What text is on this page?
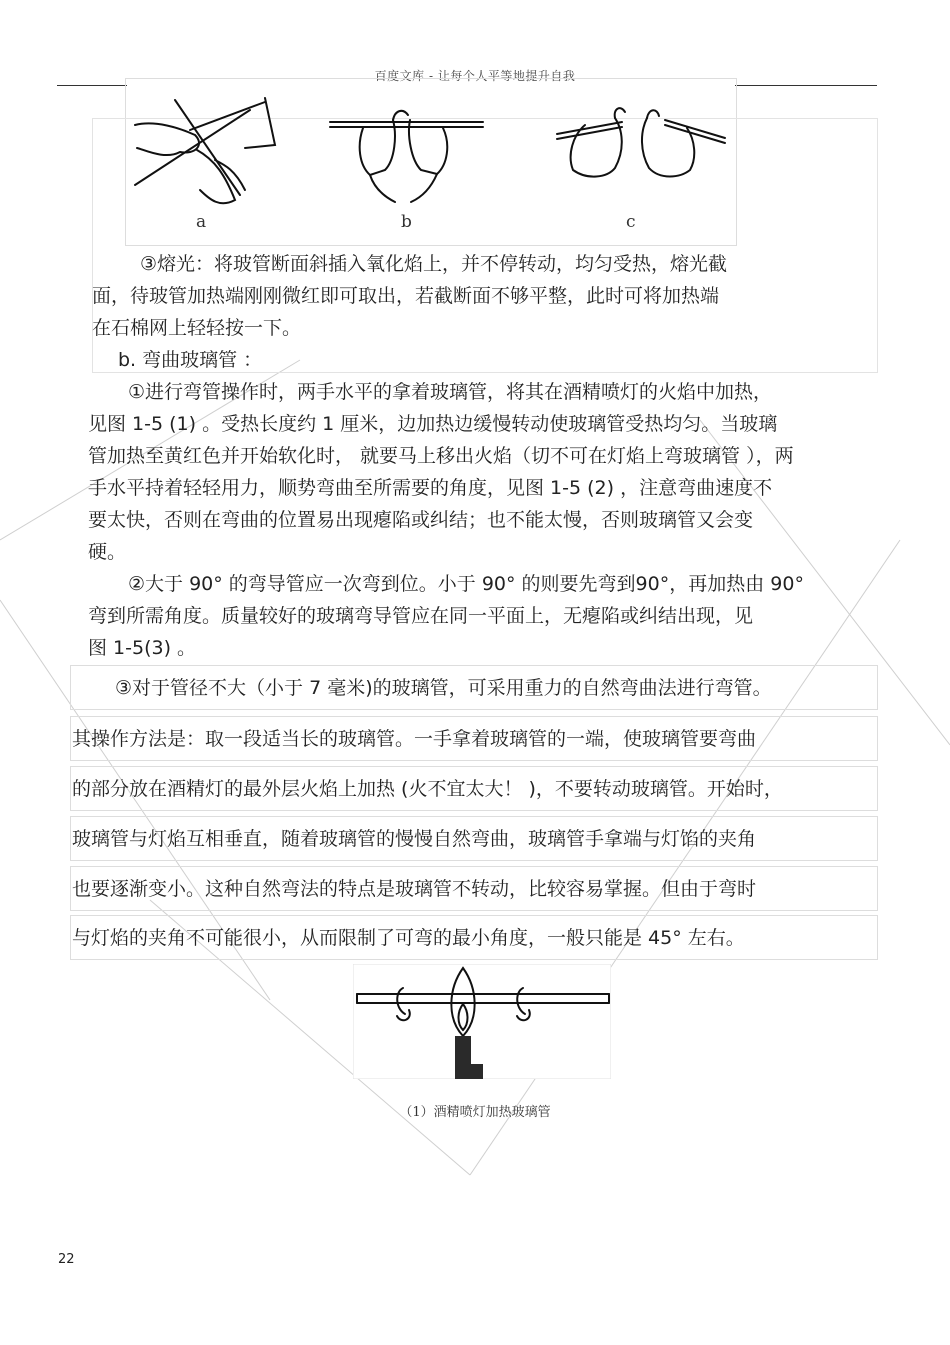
百度文库 - 让每个人平等地提升自我
a	b	c
③熔光：将玻管断面斜插入氧化焰上，并不停转动，均匀受热，熔光截
面，待玻管加热端刚刚微红即可取出，若截断面不够平整，此时可将加热端
在石棉网上轻轻按一下。
b. 弯曲玻璃管 ：
①进行弯管操作时，两手水平的拿着玻璃管，将其在酒精喷灯的火焰中加热，
见图 1-5 (1) 。受热长度约 1 厘米，边加热边缓慢转动使玻璃管受热均匀。当玻璃
管加热至黄红色并开始软化时， 就要马上移出火焰（切不可在灯焰上弯玻璃管 ），两
手水平持着轻轻用力，顺势弯曲至所需要的角度，见图 1-5 (2) ，注意弯曲速度不
要太快，否则在弯曲的位置易出现瘪陷或纠结；也不能太慢，否则玻璃管又会变
硬。
②大于 90° 的弯导管应一次弯到位。小于 90° 的则要先弯到90°，再加热由 90°
弯到所需角度。质量较好的玻璃弯导管应在同一平面上，无瘪陷或纠结出现，见
图 1-5(3) 。
③对于管径不大（小于 7 毫米)的玻璃管，可采用重力的自然弯曲法进行弯管。
其操作方法是：取一段适当长的玻璃管。一手拿着玻璃管的一端，使玻璃管要弯曲
的部分放在酒精灯的最外层火焰上加热 (火不宜太大！ )，不要转动玻璃管。开始时，
玻璃管与灯焰互相垂直，随着玻璃管的慢慢自然弯曲，玻璃管手拿端与灯馅的夹角
也要逐渐变小。这种自然弯法的特点是玻璃管不转动，比较容易掌握。但由于弯时
与灯焰的夹角不可能很小，从而限制了可弯的最小角度，一般只能是 45° 左右。
（1）酒精喷灯加热玻璃管
22
